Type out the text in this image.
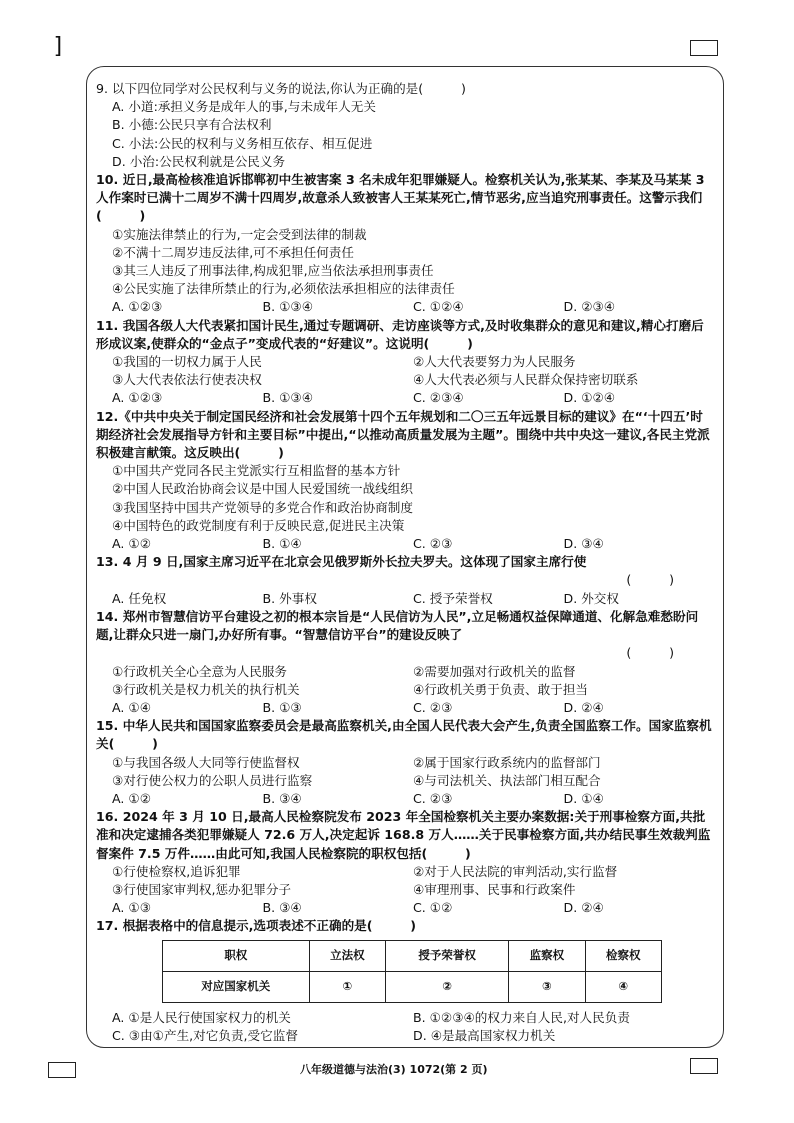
]

9. 以下四位同学对公民权利与义务的说法,你认为正确的是(　　　)

A. 小道:承担义务是成年人的事,与未成年人无关

B. 小德:公民只享有合法权利

C. 小法:公民的权利与义务相互依存、相互促进

D. 小治:公民权利就是公民义务

10. 近日,最高检核准追诉邯郸初中生被害案 3 名未成年犯罪嫌疑人。检察机关认为,张某某、李某及马某某 3 人作案时已满十二周岁不满十四周岁,故意杀人致被害人王某某死亡,情节恶劣,应当追究刑事责任。这警示我们(　　　)

①实施法律禁止的行为,一定会受到法律的制裁

②不满十二周岁违反法律,可不承担任何责任

③其三人违反了刑事法律,构成犯罪,应当依法承担刑事责任

④公民实施了法律所禁止的行为,必须依法承担相应的法律责任

A. ①②③	B. ①③④	C. ①②④	D. ②③④

11. 我国各级人大代表紧扣国计民生,通过专题调研、走访座谈等方式,及时收集群众的意见和建议,精心打磨后形成议案,使群众的“金点子”变成代表的“好建议”。这说明(　　　)

①我国的一切权力属于人民	②人大代表要努力为人民服务
③人大代表依法行使表决权	④人大代表必须与人民群众保持密切联系
A. ①②③	B. ①③④	C. ②③④	D. ①②④

12.《中共中央关于制定国民经济和社会发展第十四个五年规划和二〇三五年远景目标的建议》在“‘十四五’时期经济社会发展指导方针和主要目标”中提出,“以推动高质量发展为主题”。围绕中共中央这一建议,各民主党派积极建言献策。这反映出(　　　)

①中国共产党同各民主党派实行互相监督的基本方针

②中国人民政治协商会议是中国人民爱国统一战线组织

③我国坚持中国共产党领导的多党合作和政治协商制度

④中国特色的政党制度有利于反映民意,促进民主决策

A. ①②	B. ①④	C. ②③	D. ③④

13. 4 月 9 日,国家主席习近平在北京会见俄罗斯外长拉夫罗夫。这体现了国家主席行使

(　　　)

A. 任免权	B. 外事权	C. 授予荣誉权	D. 外交权

14. 郑州市智慧信访平台建设之初的根本宗旨是“人民信访为人民”,立足畅通权益保障通道、化解急难愁盼问题,让群众只进一扇门,办好所有事。“智慧信访平台”的建设反映了

(　　　)

①行政机关全心全意为人民服务	②需要加强对行政机关的监督
③行政机关是权力机关的执行机关	④行政机关勇于负责、敢于担当
A. ①④	B. ①③	C. ②③	D. ②④

15. 中华人民共和国国家监察委员会是最高监察机关,由全国人民代表大会产生,负责全国监察工作。国家监察机关(　　　)

①与我国各级人大同等行使监督权	②属于国家行政系统内的监督部门
③对行使公权力的公职人员进行监察	④与司法机关、执法部门相互配合
A. ①②	B. ③④	C. ②③	D. ①④

16. 2024 年 3 月 10 日,最高人民检察院发布 2023 年全国检察机关主要办案数据:关于刑事检察方面,共批准和决定逮捕各类犯罪嫌疑人 72.6 万人,决定起诉 168.8 万人……关于民事检察方面,共办结民事生效裁判监督案件 7.5 万件……由此可知,我国人民检察院的职权包括(　　　)

①行使检察权,追诉犯罪	②对于人民法院的审判活动,实行监督
③行使国家审判权,惩办犯罪分子	④审理刑事、民事和行政案件
A. ①③	B. ③④	C. ①②	D. ②④

17. 根据表格中的信息提示,选项表述不正确的是(　　　)

职权	立法权	授予荣誉权	监察权	检察权
对应国家机关	①	②	③	④
A. ①是人民行使国家权力的机关	B. ①②③④的权力来自人民,对人民负责
C. ③由①产生,对它负责,受它监督	D. ④是最高国家权力机关
八年级道德与法治(3) 1072(第 2 页)
